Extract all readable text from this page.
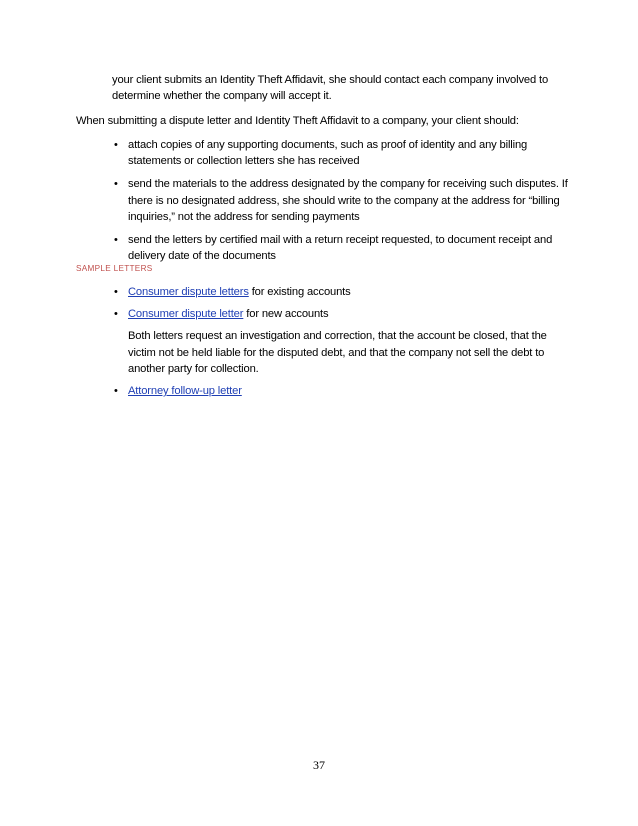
your client submits an Identity Theft Affidavit, she should contact each company involved to determine whether the company will accept it.

When submitting a dispute letter and Identity Theft Affidavit to a company, your client should:

• attach copies of any supporting documents, such as proof of identity and any billing statements or collection letters she has received
• send the materials to the address designated by the company for receiving such disputes. If there is no designated address, she should write to the company at the address for “billing inquiries,” not the address for sending payments
• send the letters by certified mail with a return receipt requested, to document receipt and delivery date of the documents

SAMPLE LETTERS

• Consumer dispute letters for existing accounts
• Consumer dispute letter for new accounts
Both letters request an investigation and correction, that the account be closed, that the victim not be held liable for the disputed debt, and that the company not sell the debt to another party for collection.
• Attorney follow-up letter

37
